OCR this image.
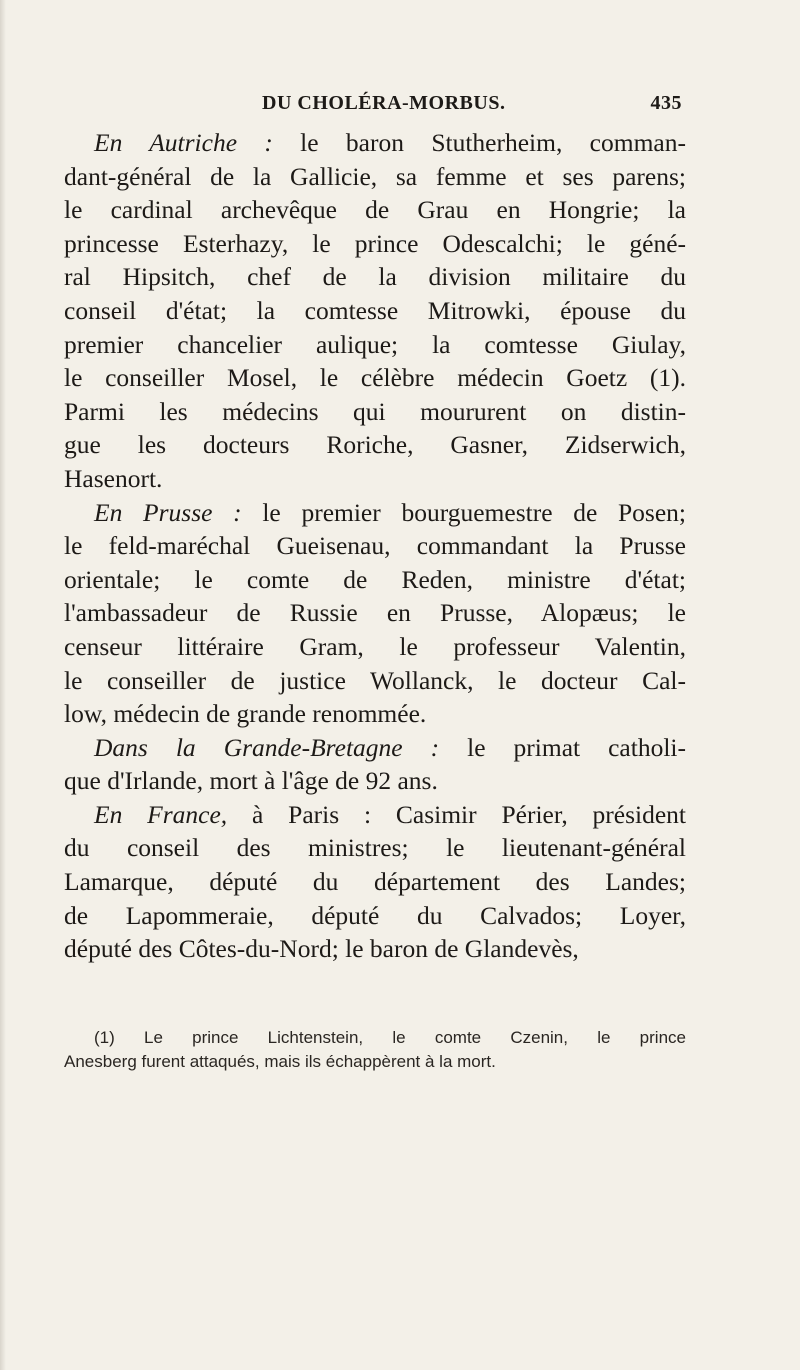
DU CHOLÉRA-MORBUS.	435
En Autriche : le baron Stutherheim, comman-
dant-général de la Gallicie, sa femme et ses parens;
le cardinal archevêque de Grau en Hongrie; la
princesse Esterhazy, le prince Odescalchi; le géné-
ral Hipsitch, chef de la division militaire du
conseil d'état; la comtesse Mitrowki, épouse du
premier chancelier aulique; la comtesse Giulay,
le conseiller Mosel, le célèbre médecin Goetz (1).
Parmi les médecins qui moururent on distin-
gue les docteurs Roriche, Gasner, Zidserwich,
Hasenort.
En Prusse : le premier bourguemestre de Posen;
le feld-maréchal Gueisenau, commandant la Prusse
orientale; le comte de Reden, ministre d'état;
l'ambassadeur de Russie en Prusse, Alopæus; le
censeur littéraire Gram, le professeur Valentin,
le conseiller de justice Wollanck, le docteur Cal-
low, médecin de grande renommée.
Dans la Grande-Bretagne : le primat catholi-
que d'Irlande, mort à l'âge de 92 ans.
En France, à Paris : Casimir Périer, président
du conseil des ministres; le lieutenant-général
Lamarque, député du département des Landes;
de Lapommeraie, député du Calvados; Loyer,
député des Côtes-du-Nord; le baron de Glandevès,
(1) Le prince Lichtenstein, le comte Czenin, le prince
Anesberg furent attaqués, mais ils échappèrent à la mort.
